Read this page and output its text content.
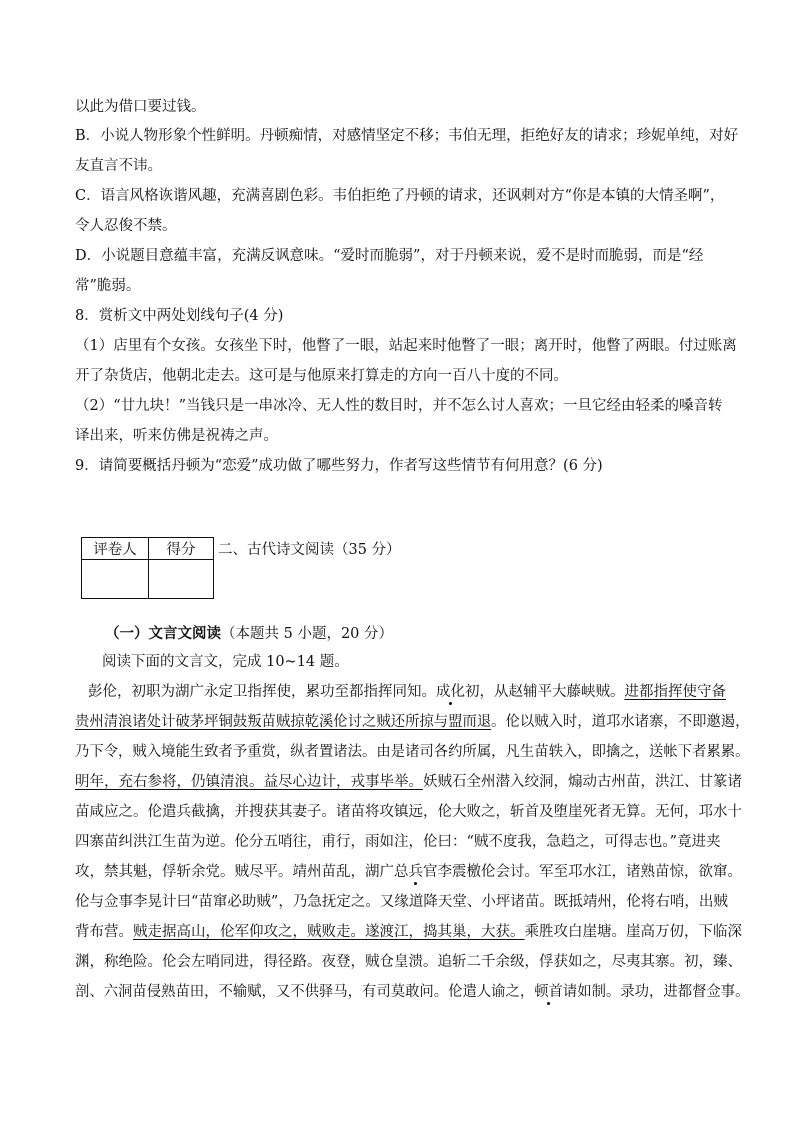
以此为借口要过钱。
B．小说人物形象个性鲜明。丹顿痴情，对感情坚定不移；韦伯无理，拒绝好友的请求；珍妮单纯，对好
友直言不讳。
C．语言风格诙谐风趣，充满喜剧色彩。韦伯拒绝了丹顿的请求，还讽刺对方“你是本镇的大情圣啊”，
令人忍俊不禁。
D．小说题目意蕴丰富，充满反讽意味。“爱时而脆弱”，对于丹顿来说，爱不是时而脆弱，而是“经
常”脆弱。
8．赏析文中两处划线句子(4 分)
（1）店里有个女孩。女孩坐下时，他瞥了一眼，站起来时他瞥了一眼；离开时，他瞥了两眼。付过账离
开了杂货店，他朝北走去。这可是与他原来打算走的方向一百八十度的不同。
（2）“廿九块！”当钱只是一串冰冷、无人性的数目时，并不怎么讨人喜欢；一旦它经由轻柔的嗓音转
译出来，听来仿佛是祝祷之声。
9．请简要概括丹顿为“恋爱”成功做了哪些努力，作者写这些情节有何用意？(6 分)
评卷人	得分
	二、古代诗文阅读（35 分）
（一）文言文阅读（本题共 5 小题，20 分）
阅读下面的文言文，完成 10~14 题。
彭伦，初职为湖广永定卫指挥使，累功至都指挥同知。成化初，从赵辅平大藤峡贼。进都指挥使守备
贵州清浪诸处计破茅坪铜鼓叛苗贼掠乾溪伦讨之贼还所掠与盟而退。伦以贼入时，道邛水诸寨，不即邀遏，
乃下令，贼入境能生致者予重赏，纵者置诸法。由是诸司各约所属，凡生苗轶入，即擒之，送帐下者累累。
明年，充右参将，仍镇清浪。益尽心边计，戎事毕举。妖贼石全州潜入绞洞，煽动古州苗，洪江、甘篆诸
苗咸应之。伦遣兵截擒，并搜获其妻子。诸苗将攻镇远，伦大败之，斩首及堕崖死者无算。无何，邛水十
四寨苗纠洪江生苗为逆。伦分五哨往，甫行，雨如注，伦曰：“贼不度我，急趋之，可得志也。”竟进夹
攻，禁其魁，俘斩余党。贼尽平。靖州苗乱，湖广总兵官李震檄伦会讨。军至邛水江，诸熟苗惊，欲窜。
伦与佥事李晃计曰“苗窜必助贼”，乃急抚定之。又缘道降天堂、小坪诸苗。既抵靖州，伦将右哨，出贼
背布营。贼走据高山，伦军仰攻之，贼败走。遂渡江，捣其巢，大获。乘胜攻白崖塘。崖高万仞，下临深
渊，称绝险。伦会左哨同进，得径路。夜登，贼仓皇溃。追斩二千余级，俘获如之，尽夷其寨。初，臻、
剖、六洞苗侵熟苗田，不输赋，又不供驿马，有司莫敢问。伦遣人谕之，顿首请如制。录功，进都督佥事。
